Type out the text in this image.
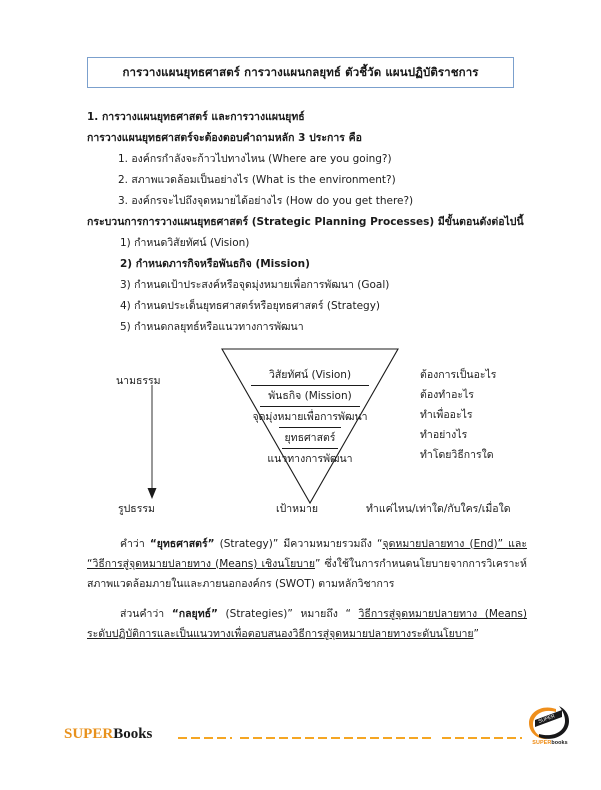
การวางแผนยุทธศาสตร์ การวางแผนกลยุทธ์ ตัวชี้วัด แผนปฏิบัติราชการ
1. การวางแผนยุทธศาสตร์ และการวางแผนยุทธ์
การวางแผนยุทธศาสตร์จะต้องตอบคำถามหลัก 3 ประการ คือ
1. องค์กรกำลังจะก้าวไปทางไหน (Where are you going?)
2. สภาพแวดล้อมเป็นอย่างไร (What is the environment?)
3. องค์กรจะไปถึงจุดหมายได้อย่างไร (How do you get there?)
กระบวนการการวางแผนยุทธศาสตร์ (Strategic Planning Processes) มีขั้นตอนดังต่อไปนี้
1) กำหนดวิสัยทัศน์ (Vision)
2) กำหนดภารกิจหรือพันธกิจ (Mission)
3) กำหนดเป้าประสงค์หรือจุดมุ่งหมายเพื่อการพัฒนา (Goal)
4) กำหนดประเด็นยุทธศาสตร์หรือยุทธศาสตร์ (Strategy)
5) กำหนดกลยุทธ์หรือแนวทางการพัฒนา
นามธรรม
รูปธรรม
วิสัยทัศน์ (Vision)
พันธกิจ (Mission)
จุดมุ่งหมายเพื่อการพัฒนา
ยุทธศาสตร์
แนวทางการพัฒนา
ต้องการเป็นอะไร
ต้องทำอะไร
ทำเพื่ออะไร
ทำอย่างไร
ทำโดยวิธีการใด
เป้าหมาย	ทำแค่ไหน/เท่าใด/กับใคร/เมื่อใด

คำว่า “ยุทธศาสตร์” (Strategy)” มีความหมายรวมถึง “จุดหมายปลายทาง (End)” และ “วิธีการสู่จุดหมายปลายทาง (Means) เชิงนโยบาย” ซึ่งใช้ในการกำหนดนโยบายจากการวิเคราะห์สภาพแวดล้อมภายในและภายนอกองค์กร (SWOT) ตามหลักวิชาการ

ส่วนคำว่า “กลยุทธ์” (Strategies)” หมายถึง “ วิธีการสู่จุดหมายปลายทาง (Means) ระดับปฏิบัติการและเป็นแนวทางเพื่อตอบสนองวิธีการสู่จุดหมายปลายทางระดับนโยบาย”

SUPERBooks
SUPER
SUPERbooks
